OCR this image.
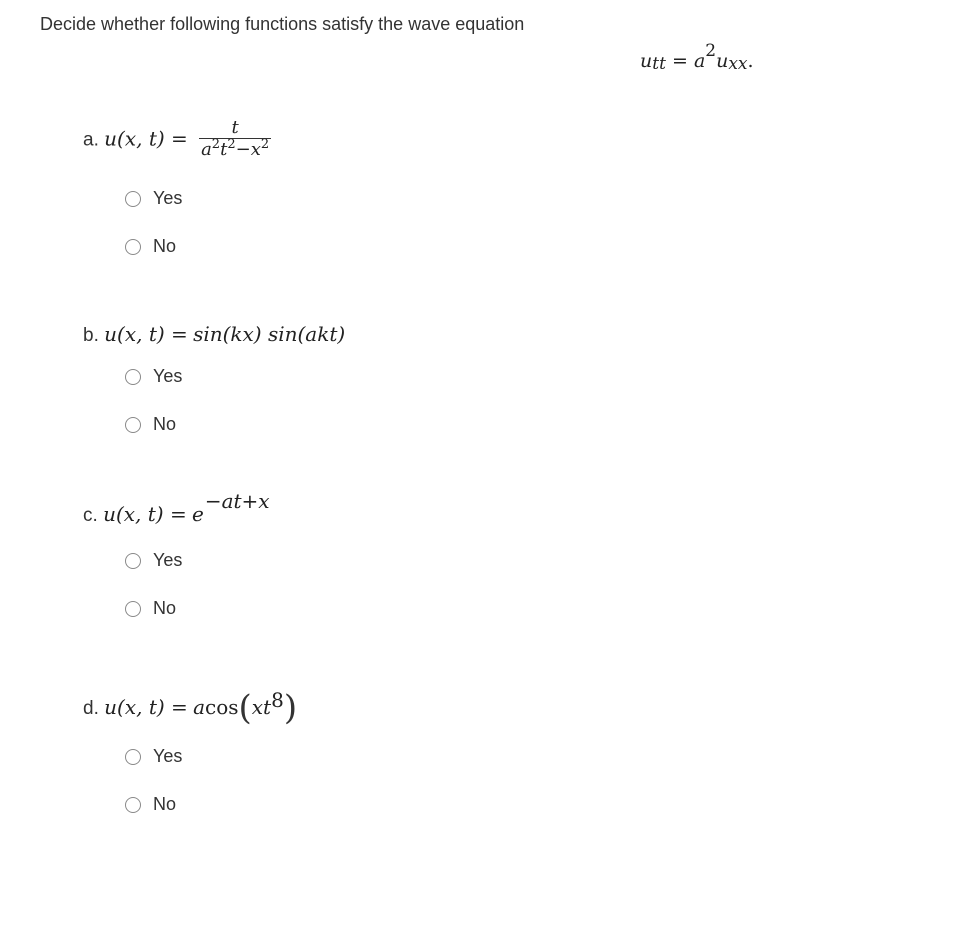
Decide whether following functions satisfy the wave equation
utt = a2uxx.
a. u(x, $t) = \frac{t}{a^2t^2-x^2}$
Yes
No
b. u(x, t) = sin(kx) sin(akt)
Yes
No
c. u(x, t) = e−at+x
Yes
No
d. u(x, t) = acos(xt8)
Yes
No
